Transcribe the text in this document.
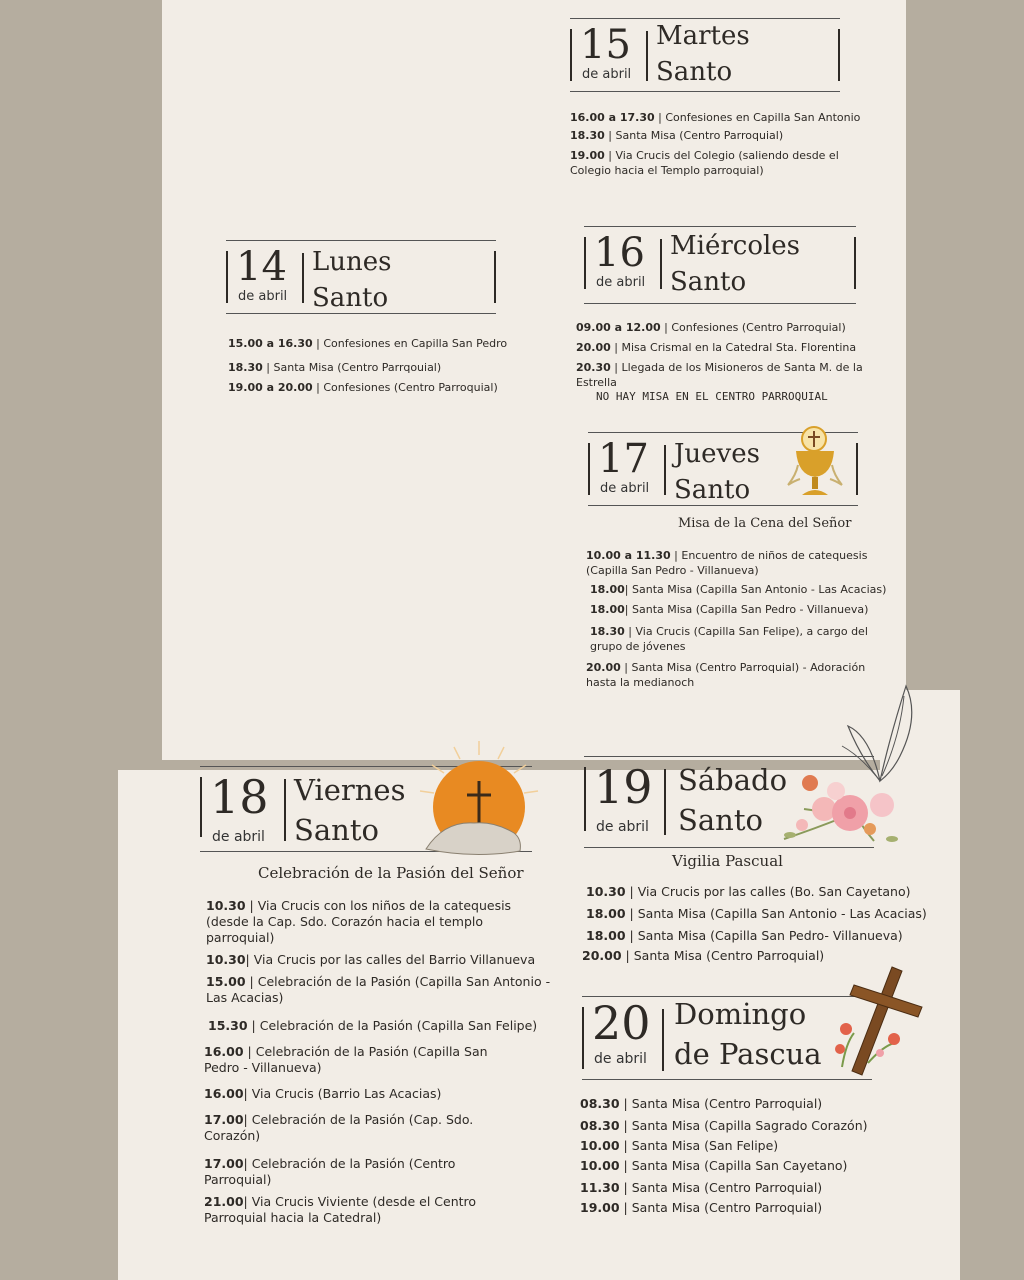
15
de abril
Martes
Santo
16.00 a 17.30 | Confesiones en Capilla San Antonio
18.30 | Santa Misa (Centro Parroquial)
19.00 | Via Crucis del Colegio (saliendo desde el Colegio hacia el Templo parroquial)
14
de abril
Lunes
Santo
15.00 a 16.30 | Confesiones en Capilla San Pedro
18.30 | Santa Misa (Centro Parrqouial)
19.00 a 20.00 | Confesiones (Centro Parroquial)
16
de abril
Miércoles
Santo
09.00 a 12.00 | Confesiones (Centro Parroquial)
20.00 | Misa Crismal en la Catedral Sta. Florentina
20.30 | Llegada de los Misioneros de Santa M. de la Estrella
NO HAY MISA EN EL CENTRO PARROQUIAL
17
de abril
Jueves
Santo
Misa de la Cena del Señor
10.00 a 11.30 | Encuentro de niños de catequesis (Capilla San Pedro - Villanueva)
18.00| Santa Misa (Capilla San Antonio - Las Acacias)
18.00| Santa Misa (Capilla San Pedro - Villanueva)
18.30 | Via Crucis (Capilla San Felipe), a cargo del grupo de jóvenes
20.00 | Santa Misa (Centro Parroquial) - Adoración hasta la medianoch
18
de abril
Viernes
Santo
Celebración de la Pasión del Señor
10.30 | Via Crucis con los niños de la catequesis (desde la Cap. Sdo. Corazón hacia el templo parroquial)
10.30| Via Crucis por las calles del Barrio Villanueva
15.00 | Celebración de la Pasión (Capilla San Antonio - Las Acacias)
15.30 | Celebración de la Pasión (Capilla San Felipe)
16.00 | Celebración de la Pasión (Capilla San Pedro - Villanueva)
16.00| Via Crucis (Barrio Las Acacias)
17.00| Celebración de la Pasión (Cap. Sdo. Corazón)
17.00| Celebración de la Pasión (Centro Parroquial)
21.00| Via Crucis Viviente (desde el Centro Parroquial hacia la Catedral)
19
de abril
Sábado
Santo
Vigilia Pascual
10.30 | Via Crucis por las calles (Bo. San Cayetano)
18.00 | Santa Misa (Capilla San Antonio - Las Acacias)
18.00 | Santa Misa (Capilla San Pedro- Villanueva)
20.00 | Santa Misa (Centro Parroquial)
20
de abril
Domingo
de Pascua
08.30 | Santa Misa (Centro Parroquial)
08.30 | Santa Misa (Capilla Sagrado Corazón)
10.00 | Santa Misa (San Felipe)
10.00 | Santa Misa (Capilla San Cayetano)
11.30 | Santa Misa (Centro Parroquial)
19.00 | Santa Misa (Centro Parroquial)
